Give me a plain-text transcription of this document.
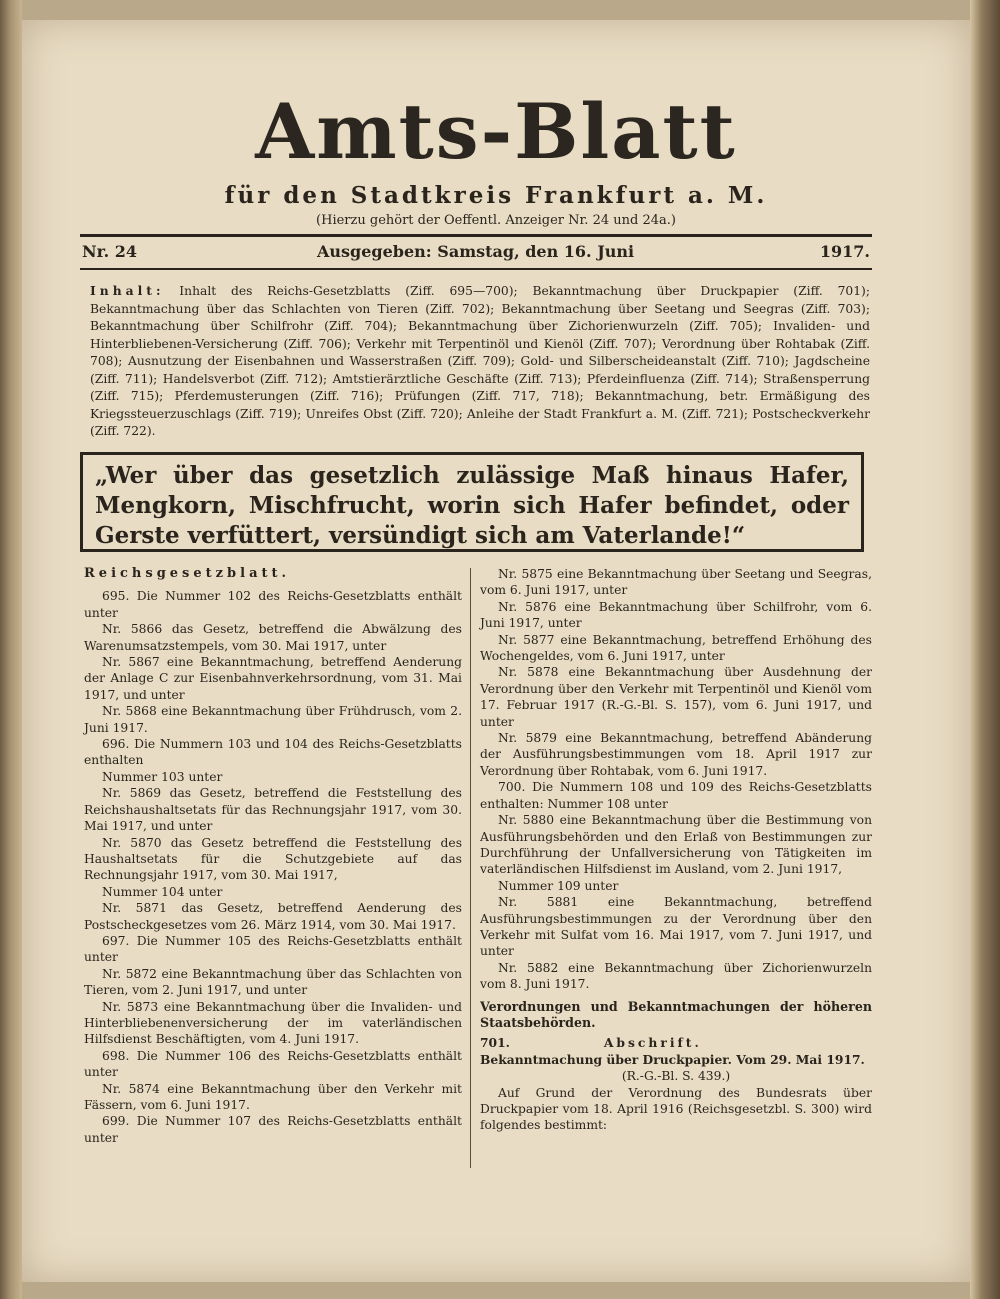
Amts-Blatt
für den Stadtkreis Frankfurt a. M.
(Hierzu gehört der Oeffentl. Anzeiger Nr. 24 und 24a.)
Nr. 24	Ausgegeben: Samstag, den 16. Juni	1917.

Inhalt: Inhalt des Reichs-Gesetzblatts (Ziff. 695—700); Bekanntmachung über Druckpapier (Ziff. 701); Bekanntmachung über das Schlachten von Tieren (Ziff. 702); Bekanntmachung über Seetang und Seegras (Ziff. 703); Bekanntmachung über Schilfrohr (Ziff. 704); Bekanntmachung über Zichorienwurzeln (Ziff. 705); Invaliden- und Hinterbliebenen-Versicherung (Ziff. 706); Verkehr mit Terpentinöl und Kienöl (Ziff. 707); Verordnung über Rohtabak (Ziff. 708); Ausnutzung der Eisenbahnen und Wasserstraßen (Ziff. 709); Gold- und Silberscheideanstalt (Ziff. 710); Jagdscheine (Ziff. 711); Handelsverbot (Ziff. 712); Amtstierärztliche Geschäfte (Ziff. 713); Pferdeinfluenza (Ziff. 714); Straßensperrung (Ziff. 715); Pferdemusterungen (Ziff. 716); Prüfungen (Ziff. 717, 718); Bekanntmachung, betr. Ermäßigung des Kriegssteuerzuschlags (Ziff. 719); Unreifes Obst (Ziff. 720); Anleihe der Stadt Frankfurt a. M. (Ziff. 721); Postscheckverkehr (Ziff. 722).

„Wer über das gesetzlich zulässige Maß hinaus Hafer, Mengkorn, Mischfrucht, worin sich Hafer befindet, oder Gerste verfüttert, versündigt sich am Vaterlande!“

Reichsgesetzblatt.

695. Die Nummer 102 des Reichs-Gesetzblatts enthält unter

Nr. 5866 das Gesetz, betreffend die Abwälzung des Warenumsatzstempels, vom 30. Mai 1917, unter

Nr. 5867 eine Bekanntmachung, betreffend Aenderung der Anlage C zur Eisenbahnverkehrsordnung, vom 31. Mai 1917, und unter

Nr. 5868 eine Bekanntmachung über Frühdrusch, vom 2. Juni 1917.

696. Die Nummern 103 und 104 des Reichs-Gesetzblatts enthalten

Nummer 103 unter

Nr. 5869 das Gesetz, betreffend die Feststellung des Reichshaushaltsetats für das Rechnungsjahr 1917, vom 30. Mai 1917, und unter

Nr. 5870 das Gesetz betreffend die Feststellung des Haushaltsetats für die Schutzgebiete auf das Rechnungsjahr 1917, vom 30. Mai 1917,

Nummer 104 unter

Nr. 5871 das Gesetz, betreffend Aenderung des Postscheckgesetzes vom 26. März 1914, vom 30. Mai 1917.

697. Die Nummer 105 des Reichs-Gesetzblatts enthält unter

Nr. 5872 eine Bekanntmachung über das Schlachten von Tieren, vom 2. Juni 1917, und unter

Nr. 5873 eine Bekanntmachung über die Invaliden- und Hinterbliebenenversicherung der im vaterländischen Hilfsdienst Beschäftigten, vom 4. Juni 1917.

698. Die Nummer 106 des Reichs-Gesetzblatts enthält unter

Nr. 5874 eine Bekanntmachung über den Verkehr mit Fässern, vom 6. Juni 1917.

699. Die Nummer 107 des Reichs-Gesetzblatts enthält unter

Nr. 5875 eine Bekanntmachung über Seetang und Seegras, vom 6. Juni 1917, unter

Nr. 5876 eine Bekanntmachung über Schilfrohr, vom 6. Juni 1917, unter

Nr. 5877 eine Bekanntmachung, betreffend Erhöhung des Wochengeldes, vom 6. Juni 1917, unter

Nr. 5878 eine Bekanntmachung über Ausdehnung der Verordnung über den Verkehr mit Terpentinöl und Kienöl vom 17. Februar 1917 (R.-G.-Bl. S. 157), vom 6. Juni 1917, und unter

Nr. 5879 eine Bekanntmachung, betreffend Abänderung der Ausführungsbestimmungen vom 18. April 1917 zur Verordnung über Rohtabak, vom 6. Juni 1917.

700. Die Nummern 108 und 109 des Reichs-Gesetzblatts enthalten: Nummer 108 unter

Nr. 5880 eine Bekanntmachung über die Bestimmung von Ausführungsbehörden und den Erlaß von Bestimmungen zur Durchführung der Unfallversicherung von Tätigkeiten im vaterländischen Hilfsdienst im Ausland, vom 2. Juni 1917,

Nummer 109 unter

Nr. 5881 eine Bekanntmachung, betreffend Ausführungsbestimmungen zu der Verordnung über den Verkehr mit Sulfat vom 16. Mai 1917, vom 7. Juni 1917, und unter

Nr. 5882 eine Bekanntmachung über Zichorienwurzeln vom 8. Juni 1917.

Verordnungen und Bekanntmachungen der höheren Staatsbehörden.

701.	Abschrift.

Bekanntmachung über Druckpapier. Vom 29. Mai 1917.

(R.-G.-Bl. S. 439.)

Auf Grund der Verordnung des Bundesrats über Druckpapier vom 18. April 1916 (Reichsgesetzbl. S. 300) wird folgendes bestimmt:
